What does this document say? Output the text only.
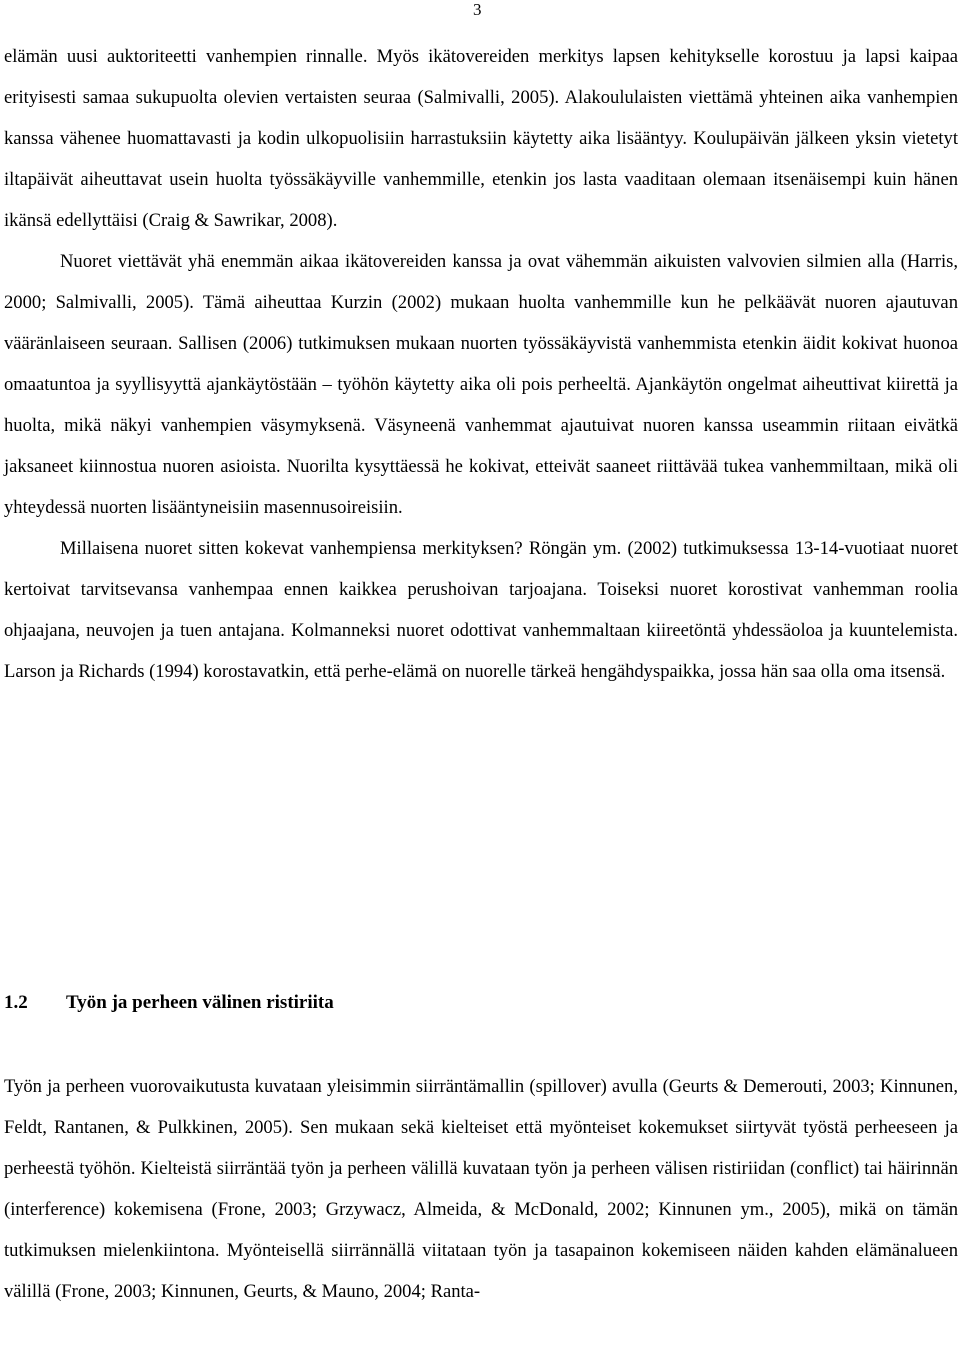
3

elämän uusi auktoriteetti vanhempien rinnalle. Myös ikätovereiden merkitys lapsen kehitykselle korostuu ja lapsi kaipaa erityisesti samaa sukupuolta olevien vertaisten seuraa (Salmivalli, 2005). Alakoululaisten viettämä yhteinen aika vanhempien kanssa vähenee huomattavasti ja kodin ulkopuolisiin harrastuksiin käytetty aika lisääntyy. Koulupäivän jälkeen yksin vietetyt iltapäivät aiheuttavat usein huolta työssäkäyville vanhemmille, etenkin jos lasta vaaditaan olemaan itsenäisempi kuin hänen ikänsä edellyttäisi (Craig & Sawrikar, 2008).

Nuoret viettävät yhä enemmän aikaa ikätovereiden kanssa ja ovat vähemmän aikuisten valvovien silmien alla (Harris, 2000; Salmivalli, 2005). Tämä aiheuttaa Kurzin (2002) mukaan huolta vanhemmille kun he pelkäävät nuoren ajautuvan vääränlaiseen seuraan. Sallisen (2006) tutkimuksen mukaan nuorten työssäkäyvistä vanhemmista etenkin äidit kokivat huonoa omaatuntoa ja syyllisyyttä ajankäytöstään – työhön käytetty aika oli pois perheeltä. Ajankäytön ongelmat aiheuttivat kiirettä ja huolta, mikä näkyi vanhempien väsymyksenä. Väsyneenä vanhemmat ajautuivat nuoren kanssa useammin riitaan eivätkä jaksaneet kiinnostua nuoren asioista. Nuorilta kysyttäessä he kokivat, etteivät saaneet riittävää tukea vanhemmiltaan, mikä oli yhteydessä nuorten lisääntyneisiin masennusoireisiin.

Millaisena nuoret sitten kokevat vanhempiensa merkityksen? Röngän ym. (2002) tutkimuksessa 13-14-vuotiaat nuoret kertoivat tarvitsevansa vanhempaa ennen kaikkea perushoivan tarjoajana. Toiseksi nuoret korostivat vanhemman roolia ohjaajana, neuvojen ja tuen antajana. Kolmanneksi nuoret odottivat vanhemmaltaan kiireetöntä yhdessäoloa ja kuuntelemista. Larson ja Richards (1994) korostavatkin, että perhe-elämä on nuorelle tärkeä hengähdyspaikka, jossa hän saa olla oma itsensä.

1.2 Työn ja perheen välinen ristiriita

Työn ja perheen vuorovaikutusta kuvataan yleisimmin siirräntämallin (spillover) avulla (Geurts & Demerouti, 2003; Kinnunen, Feldt, Rantanen, & Pulkkinen, 2005). Sen mukaan sekä kielteiset että myönteiset kokemukset siirtyvät työstä perheeseen ja perheestä työhön. Kielteistä siirräntää työn ja perheen välillä kuvataan työn ja perheen välisen ristiriidan (conflict) tai häirinnän (interference) kokemisena (Frone, 2003; Grzywacz, Almeida, & McDonald, 2002; Kinnunen ym., 2005), mikä on tämän tutkimuksen mielenkiintona. Myönteisellä siirrännällä viitataan työn ja tasapainon kokemiseen näiden kahden elämänalueen välillä (Frone, 2003; Kinnunen, Geurts, & Mauno, 2004; Ranta-
